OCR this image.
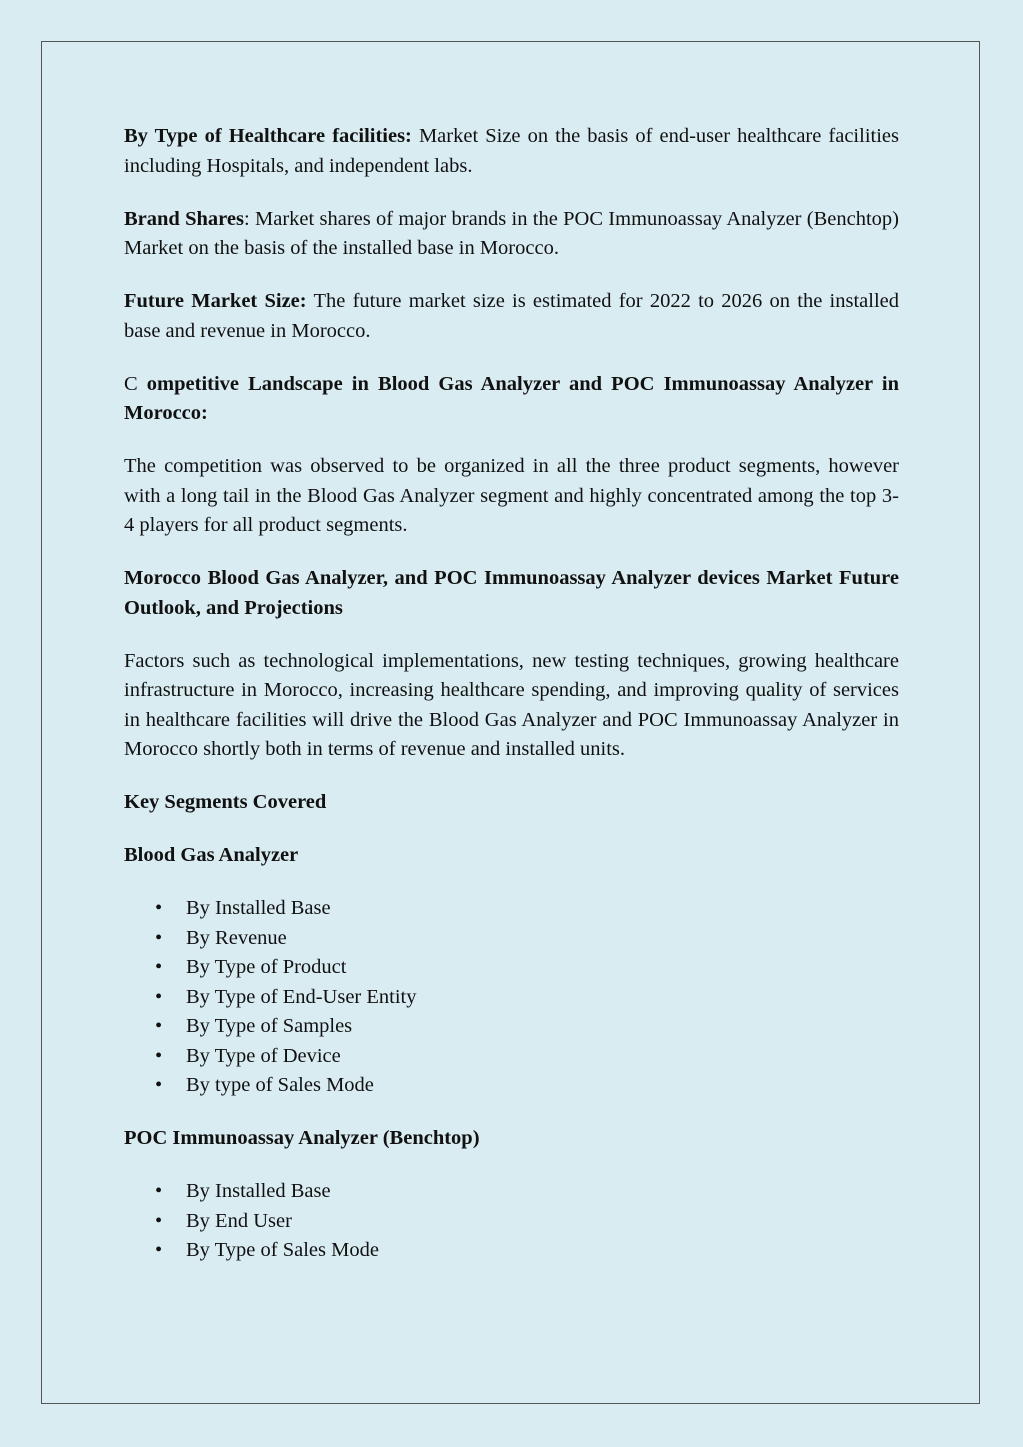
By Type of Healthcare facilities: Market Size on the basis of end-user healthcare facilities including Hospitals, and independent labs.

Brand Shares: Market shares of major brands in the POC Immunoassay Analyzer (Benchtop) Market on the basis of the installed base in Morocco.

Future Market Size: The future market size is estimated for 2022 to 2026 on the installed base and revenue in Morocco.

C ompetitive Landscape in Blood Gas Analyzer and POC Immunoassay Analyzer in Morocco:

The competition was observed to be organized in all the three product segments, however with a long tail in the Blood Gas Analyzer segment and highly concentrated among the top 3-4 players for all product segments.

Morocco Blood Gas Analyzer, and POC Immunoassay Analyzer devices Market Future Outlook, and Projections

Factors such as technological implementations, new testing techniques, growing healthcare infrastructure in Morocco, increasing healthcare spending, and improving quality of services in healthcare facilities will drive the Blood Gas Analyzer and POC Immunoassay Analyzer in Morocco shortly both in terms of revenue and installed units.

Key Segments Covered
Blood Gas Analyzer
• By Installed Base
• By Revenue
• By Type of Product
• By Type of End-User Entity
• By Type of Samples
• By Type of Device
• By type of Sales Mode
POC Immunoassay Analyzer (Benchtop)
• By Installed Base
• By End User
• By Type of Sales Mode
